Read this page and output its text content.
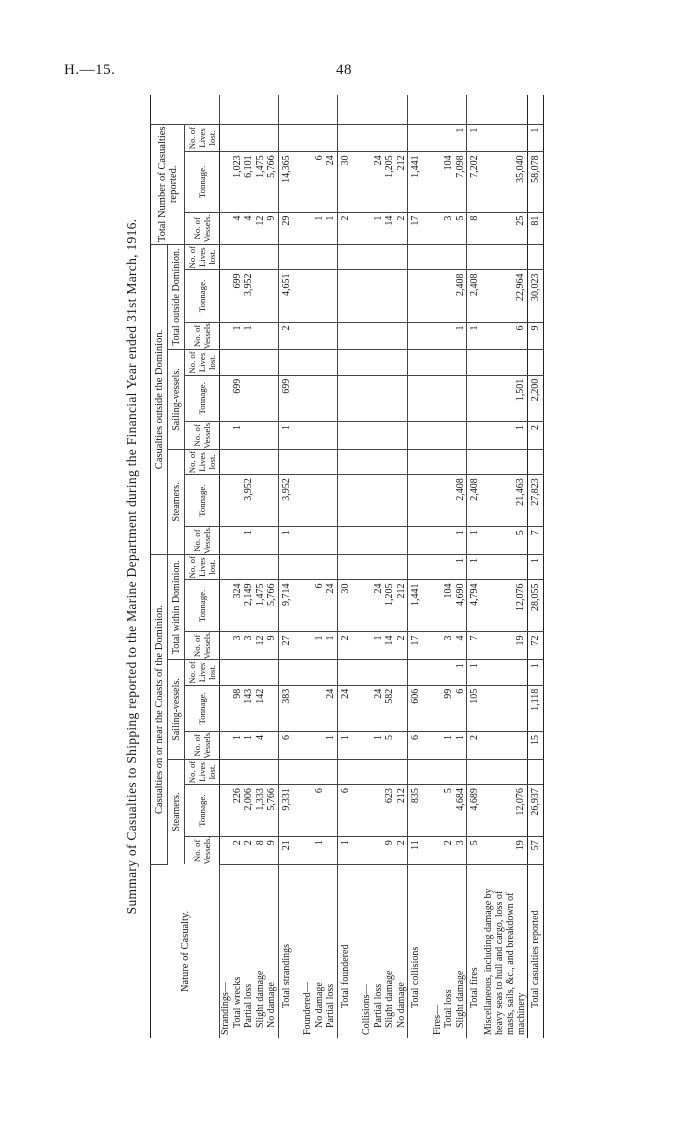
H.—15.	48
Summary of Casualties to Shipping reported to the Marine Department during the Financial Year ended 31st March, 1916.
Nature of Casualty.	Casualties on or near the Coasts of the Dominion.									Casualties outside the Dominion.									Total Number of Casualties reported.			
	Steamers.			Sailing-vessels.			Total within Dominion.			Steamers.			Sailing-vessels.			Total outside Dominion.						
	No. of Vessels.	Tonnage.	No. of Lives lost.	No. of Vessels.	Tonnage.	No. of Lives lost.	No. of Vessels.	Tonnage.	No. of Lives lost.	No. of Vessels.	Tonnage.	No. of Lives lost.	No. of Vessels.	Tonnage.	No. of Lives lost.	No. of Vessels.	Tonnage.	No. of Lives lost.	No. of Vessels.	Tonnage.	No. of Lives lost.	
Strandings—																						
Total wrecks	2	226		1	98		3	324					1	699		1	699		4	1,023		
Partial loss	2	2,006		1	143		3	2,149		1	3,952					1	3,952		4	6,101		
Slight damage	8	1,333		4	142		12	1,475											12	1,475		
No damage	9	5,766					9	5,766											9	5,766		
Total strandings	21	9,331		6	383		27	9,714		1	3,952		1	699		2	4,651		29	14,365		

Foundered—																						
No damage	1	6					1	6											1	6		
Partial loss				1	24		1	24											1	24		
Total foundered	1	6		1	24		2	30											2	30		

Collisions—																						
Partial loss				1	24		1	24											1	24		
Slight damage	9	623		5	582		14	1,205											14	1,205		
No damage	2	212					2	212											2	212		
Total collisions	11	835		6	606		17	1,441											17	1,441		

Fires—																						
Total loss	2	5		1	99		3	104											3	104		
Slight damage	3	4,684		1	6	1	4	4,690	1	1	2,408					1	2,408		5	7,098	1	
Total fires	5	4,689		2	105	1	7	4,794	1	1	2,408					1	2,408		8	7,202	1	
Miscellaneous, including damage by heavy seas to hull and cargo, loss of masts, sails, &c., and breakdown of machinery	19	12,076					19	12,076		5	21,463		1	1,501		6	22,964		25	35,040		
Total casualties reported	57	26,937		15	1,118	1	72	28,055	1	7	27,823		2	2,200		9	30,023		81	58,078	1	
